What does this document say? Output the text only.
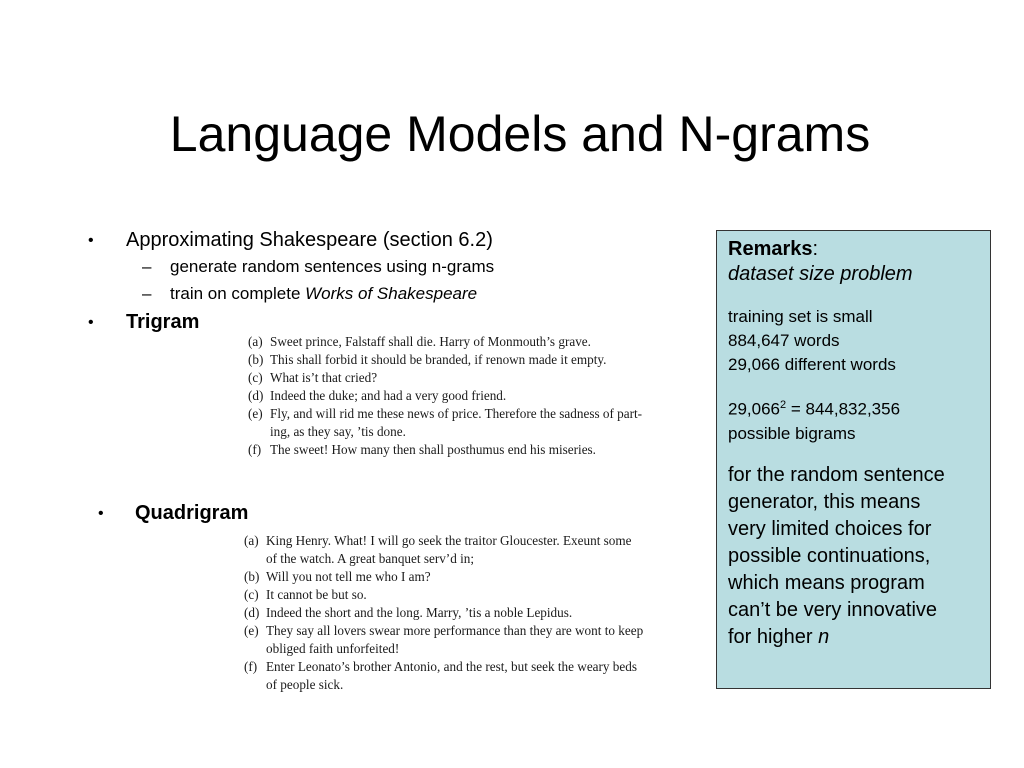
Language Models and N-grams
• Approximating Shakespeare (section 6.2)
– generate random sentences using n-grams
– train on complete Works of Shakespeare
• Trigram
(a) Sweet prince, Falstaff shall die. Harry of Monmouth’s grave.
(b) This shall forbid it should be branded, if renown made it empty.
(c) What is’t that cried?
(d) Indeed the duke; and had a very good friend.
(e) Fly, and will rid me these news of price. Therefore the sadness of part-
ing, as they say, ’tis done.
(f) The sweet! How many then shall posthumus end his miseries.
• Quadrigram
(a) King Henry. What! I will go seek the traitor Gloucester. Exeunt some
of the watch. A great banquet serv’d in;
(b) Will you not tell me who I am?
(c) It cannot be but so.
(d) Indeed the short and the long. Marry, ’tis a noble Lepidus.
(e) They say all lovers swear more performance than they are wont to keep
obliged faith unforfeited!
(f) Enter Leonato’s brother Antonio, and the rest, but seek the weary beds
of people sick.
Remarks:
dataset size problem
training set is small
884,647 words
29,066 different words
$29,066^2 = 844,832,356$
possible bigrams
for the random sentence
generator, this means
very limited choices for
possible continuations,
which means program
can’t be very innovative
for higher n
